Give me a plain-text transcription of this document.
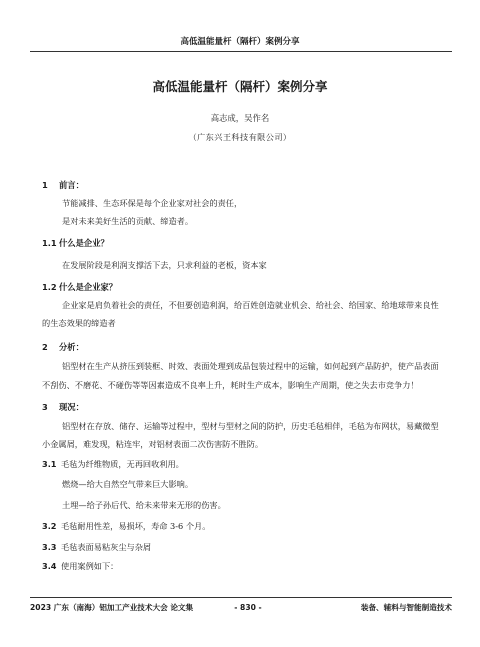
高低温能量杆（隔杆）案例分享
高低温能量杆（隔杆）案例分享
高志成，吴作名
（广东兴王科技有限公司）
1 前言：
节能减排、生态环保是每个企业家对社会的责任，
是对未来美好生活的贡献、缔造者。
1.1 什么是企业？
在发展阶段是利润支撑活下去，只求利益的老板，资本家
1.2 什么是企业家？
企业家是肩负着社会的责任，不但要创造利润，给百姓创造就业机会、给社会、给国家、给地球带来良性
的生态效果的缔造者
2 分析：
铝型材在生产从挤压到装框、时效、表面处理到成品包装过程中的运输，如何起到产品防护，使产品表面
不刮伤、不磨花、不碰伤等等因素造成不良率上升，耗时生产成本，影响生产周期，使之失去市竞争力！
3 现况：
铝型材在存放、储存、运输等过程中，型材与型材之间的防护，历史毛毡相伴，毛毡为布网状，易藏微型
小金属屑，难发现，粘连牢，对铝材表面二次伤害防不胜防。
3.1 毛毡为纤维物质，无再回收利用。
燃烧—给大自然空气带来巨大影响。
土埋—给子孙后代、给未来带来无形的伤害。
3.2 毛毡耐用性差，易损坏，寿命 3-6 个月。
3.3 毛毡表面易粘灰尘与杂屑
3.4 使用案例如下：
2023 广东（南海）铝加工产业技术大会 论文集	- 830 -	装备、辅料与智能制造技术
